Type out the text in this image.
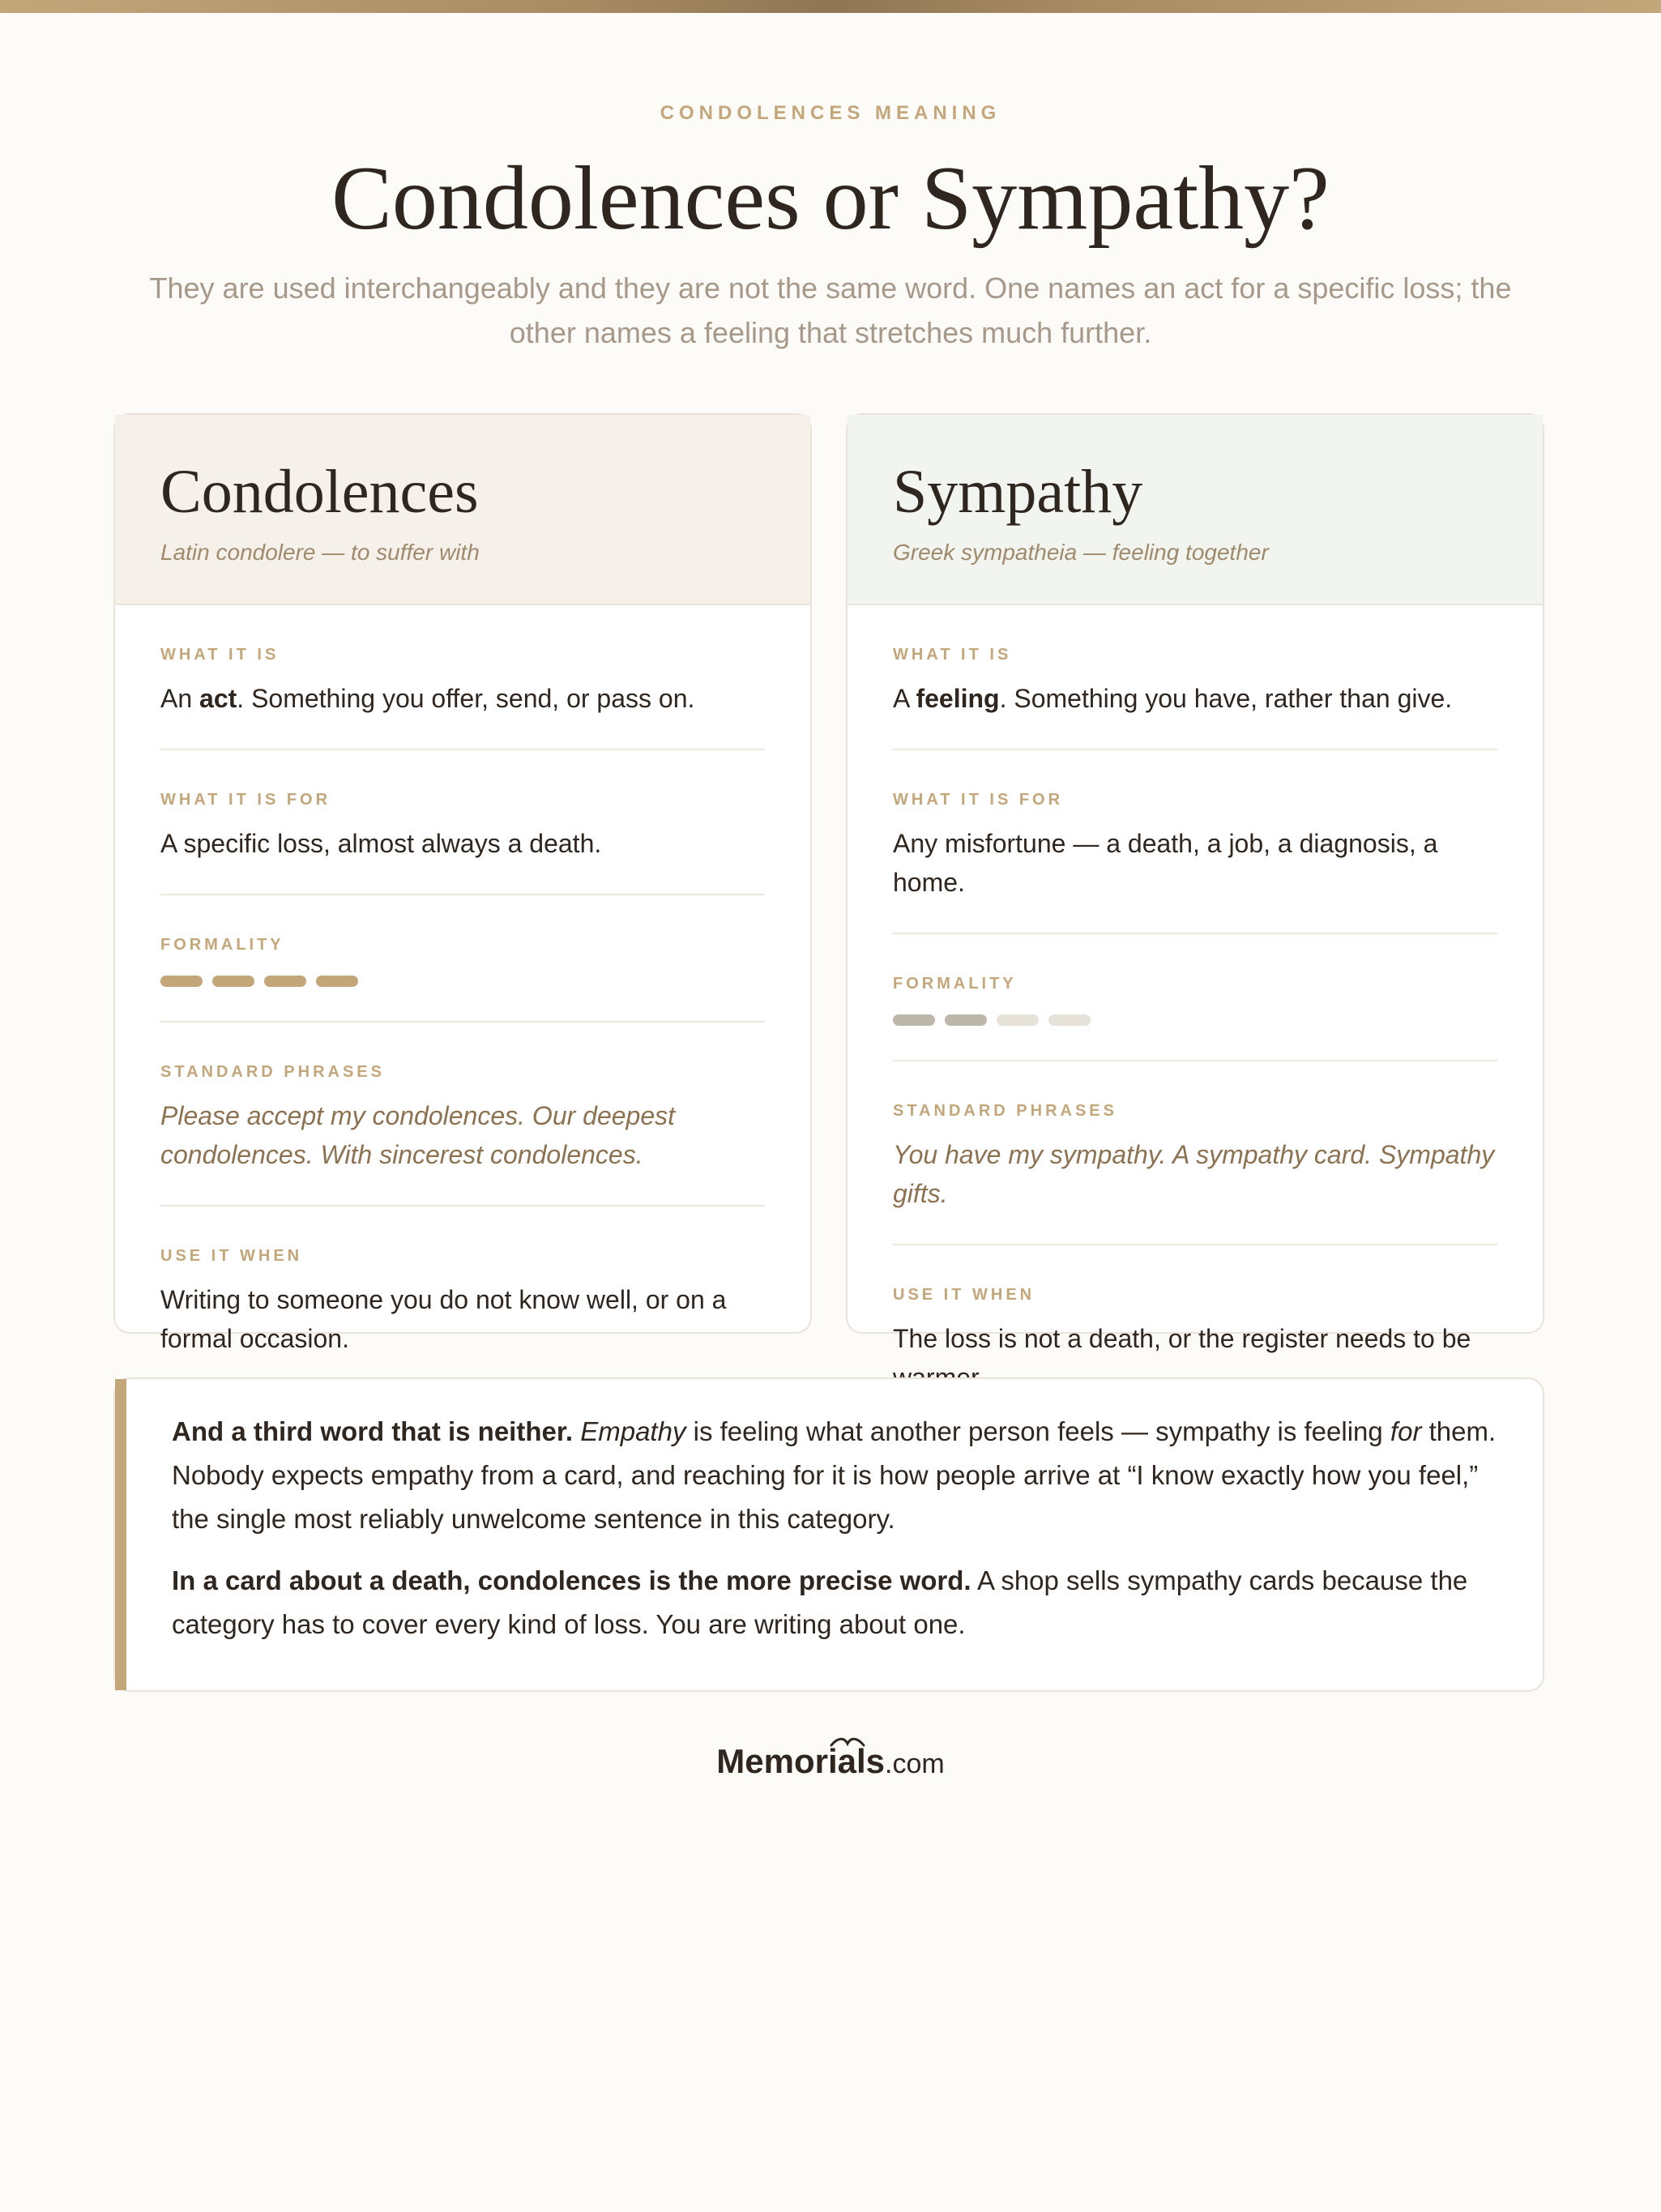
CONDOLENCES MEANING
Condolences or Sympathy?
They are used interchangeably and they are not the same word. One names an act for a specific loss; the other names a feeling that stretches much further.
Condolences
Latin condolere — to suffer with
WHAT IT IS
An act. Something you offer, send, or pass on.
WHAT IT IS FOR
A specific loss, almost always a death.
FORMALITY
STANDARD PHRASES
Please accept my condolences. Our deepest condolences. With sincerest condolences.
USE IT WHEN
Writing to someone you do not know well, or on a formal occasion.
Sympathy
Greek sympatheia — feeling together
WHAT IT IS
A feeling. Something you have, rather than give.
WHAT IT IS FOR
Any misfortune — a death, a job, a diagnosis, a home.
FORMALITY
STANDARD PHRASES
You have my sympathy. A sympathy card. Sympathy gifts.
USE IT WHEN
The loss is not a death, or the register needs to be

And a third word that is neither. Empathy is feeling what another person feels — sympathy is feeling for them. Nobody expects empathy from a card, and reaching for it is how people arrive at “I know exactly how you feel,” the single most reliably unwelcome sentence in this category.

In a card about a death, condolences is the more precise word. A shop sells sympathy cards because the category has to cover every kind of loss. You are writing about one.

Memorials.com
